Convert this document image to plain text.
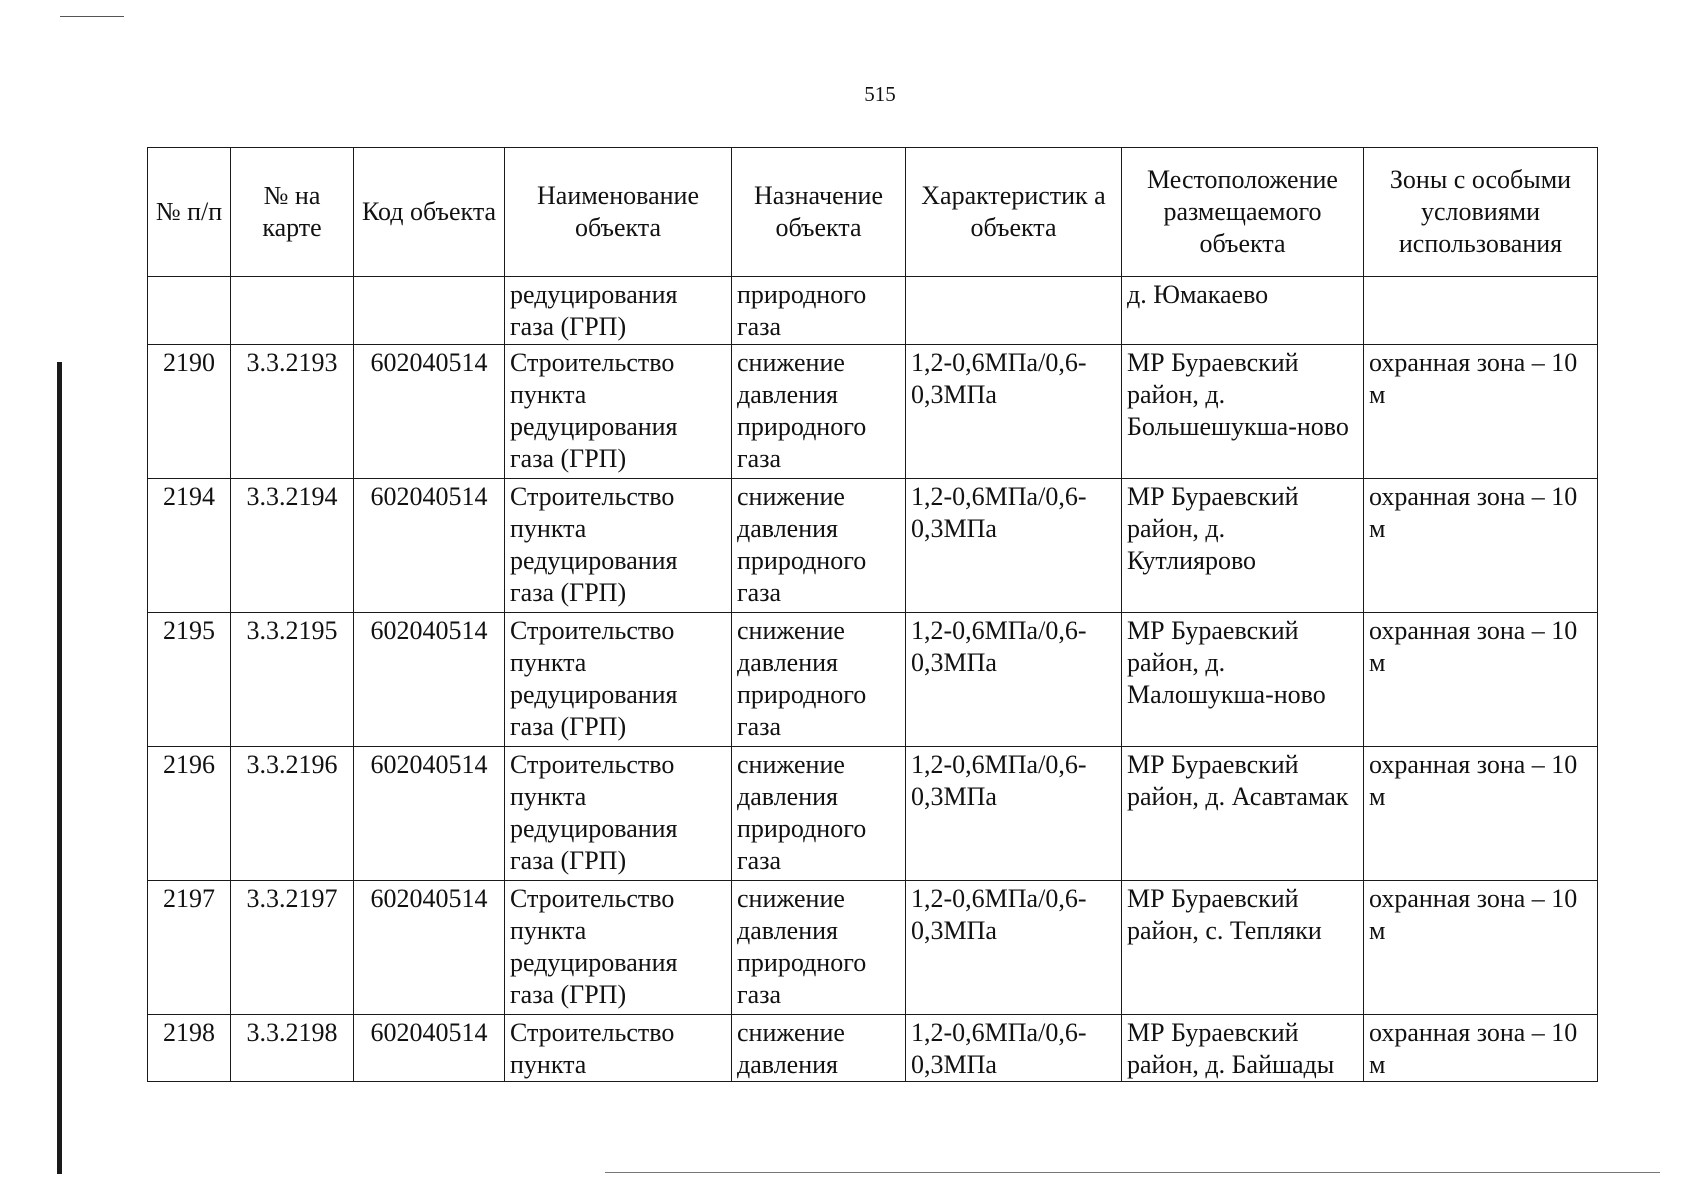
515
№ п/п	№ на карте	Код объекта	Наименование объекта	Назначение объекта	Характеристик а объекта	Местоположение размещаемого объекта	Зоны с особыми условиями использования
			редуцирования газа (ГРП)	природного газа		д. Юмакаево	
2190	3.3.2193	602040514	Строительство пункта редуцирования газа (ГРП)	снижение давления природного газа	1,2-0,6МПа/0,6-0,3МПа	МР Бураевский район, д. Большешукша-ново	охранная зона – 10 м
2194	3.3.2194	602040514	Строительство пункта редуцирования газа (ГРП)	снижение давления природного газа	1,2-0,6МПа/0,6-0,3МПа	МР Бураевский район, д. Кутлиярово	охранная зона – 10 м
2195	3.3.2195	602040514	Строительство пункта редуцирования газа (ГРП)	снижение давления природного газа	1,2-0,6МПа/0,6-0,3МПа	МР Бураевский район, д. Малошукша-ново	охранная зона – 10 м
2196	3.3.2196	602040514	Строительство пункта редуцирования газа (ГРП)	снижение давления природного газа	1,2-0,6МПа/0,6-0,3МПа	МР Бураевский район, д. Асавтамак	охранная зона – 10 м
2197	3.3.2197	602040514	Строительство пункта редуцирования газа (ГРП)	снижение давления природного газа	1,2-0,6МПа/0,6-0,3МПа	МР Бураевский район, с. Тепляки	охранная зона – 10 м
2198	3.3.2198	602040514	Строительство пункта	снижение давления	1,2-0,6МПа/0,6-0,3МПа	МР Бураевский район, д. Байшады	охранная зона – 10 м
